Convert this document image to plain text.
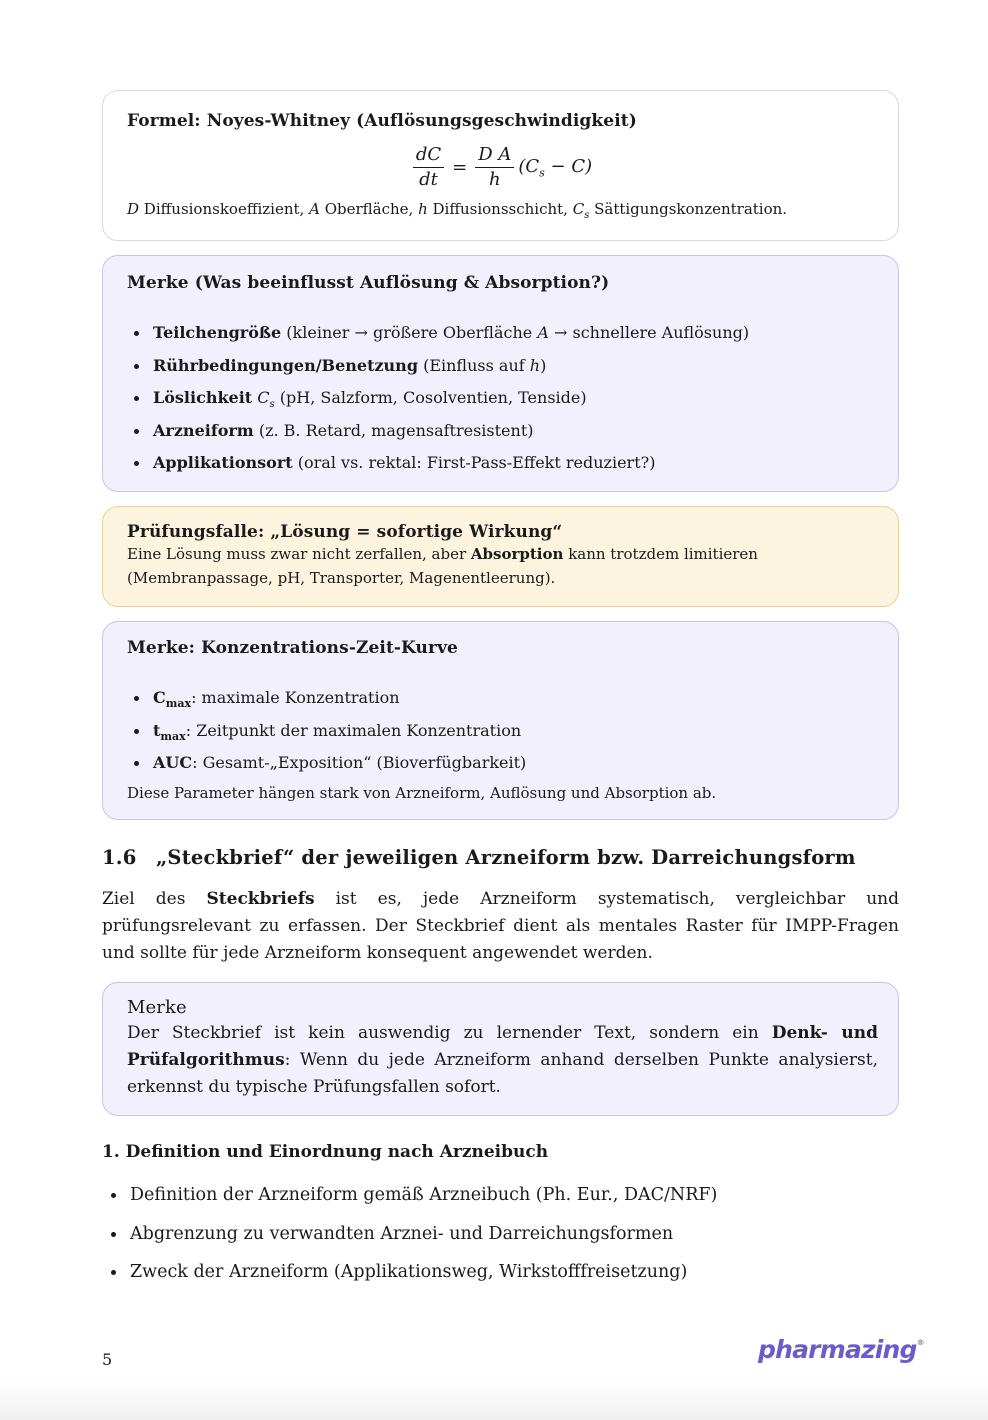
Formel: Noyes-Whitney (Auflösungsgeschwindigkeit)
$\frac{dC}{dt} = \frac{\text{D A}}{h} (C_s - C)$
D Diffusionskoeffizient, A Oberfläche, h Diffusionsschicht, $C_s$ Sättigungskonzentration.
Merke (Was beeinflusst Auflösung & Absorption?)
Teilchengröße (kleiner → größere Oberfläche A → schnellere Auflösung)
Rührbedingungen/Benetzung (Einfluss auf h)
Löslichkeit $C_s$ (pH, Salzform, Cosolventien, Tenside)
Arzneiform (z. B. Retard, magensaftresistent)
Applikationsort (oral vs. rektal: First-Pass-Effekt reduziert?)
Prüfungsfalle: „Lösung = sofortige Wirkung“
Eine Lösung muss zwar nicht zerfallen, aber Absorption kann trotzdem limitieren (Membranpassage, pH, Transporter, Magenentleerung).
Merke: Konzentrations-Zeit-Kurve
$C_{max}$: maximale Konzentration
$t_{max}$: Zeitpunkt der maximalen Konzentration
AUC: Gesamt-„Exposition“ (Bioverfügbarkeit)
Diese Parameter hängen stark von Arzneiform, Auflösung und Absorption ab.
1.6 „Steckbrief“ der jeweiligen Arzneiform bzw. Darreichungsform
Ziel des Steckbriefs ist es, jede Arzneiform systematisch, vergleichbar und prüfungsrelevant zu erfassen. Der Steckbrief dient als mentales Raster für IMPP-Fragen und sollte für jede Arzneiform konsequent angewendet werden.
Merke
Der Steckbrief ist kein auswendig zu lernender Text, sondern ein Denk- und Prüfalgorithmus: Wenn du jede Arzneiform anhand derselben Punkte analysierst, erkennst du typische Prüfungsfallen sofort.
1. Definition und Einordnung nach Arzneibuch
Definition der Arzneiform gemäß Arzneibuch (Ph. Eur., DAC/NRF)
Abgrenzung zu verwandten Arznei- und Darreichungsformen
Zweck der Arzneiform (Applikationsweg, Wirkstofffreisetzung)
5	pharmazing®
